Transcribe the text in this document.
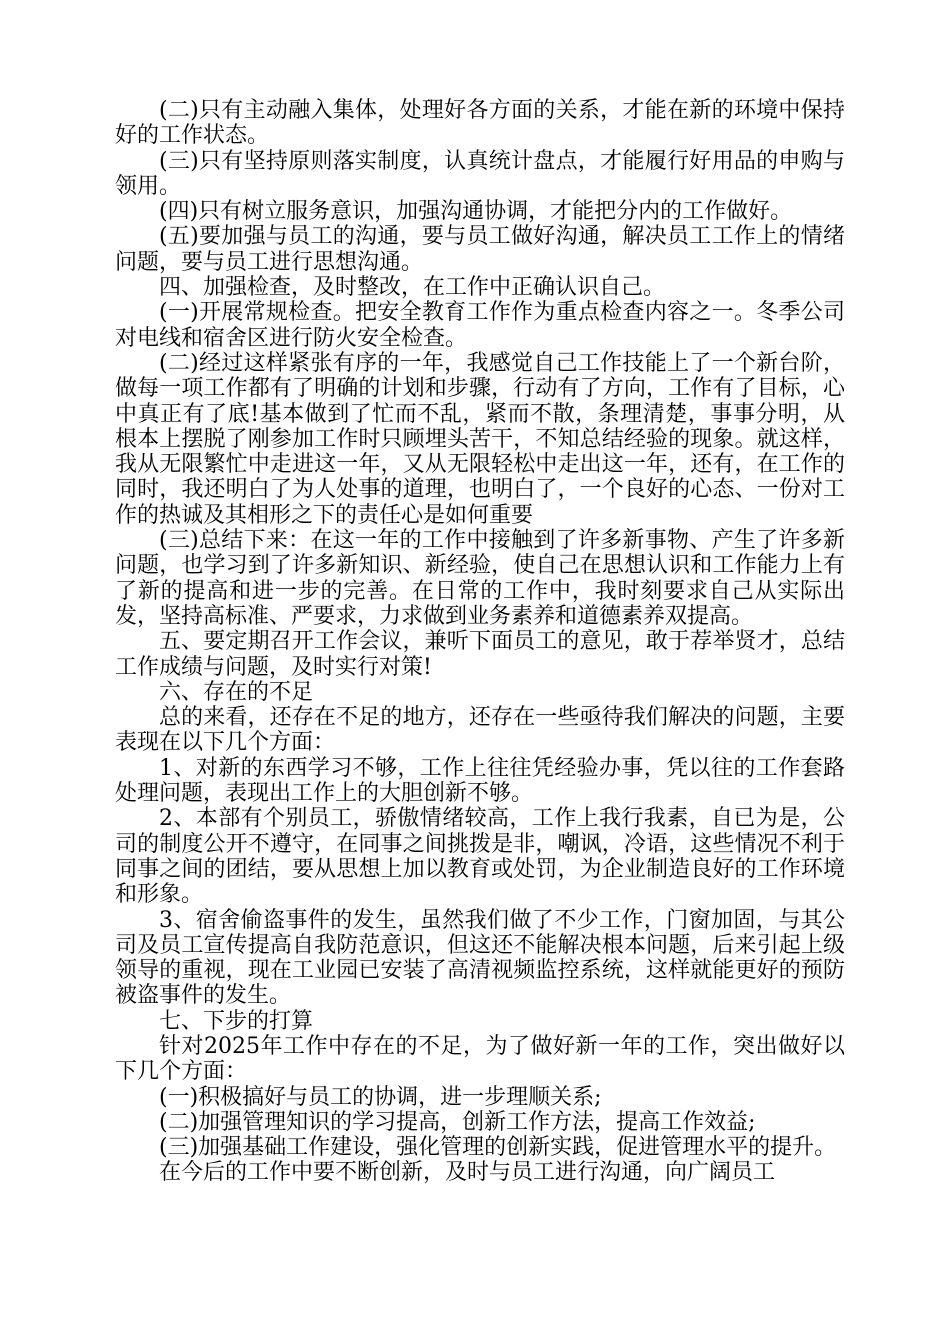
(二)只有主动融入集体，处理好各方面的关系，才能在新的环境中保持好的工作状态。

(三)只有坚持原则落实制度，认真统计盘点，才能履行好用品的申购与领用。

(四)只有树立服务意识，加强沟通协调，才能把分内的工作做好。

(五)要加强与员工的沟通，要与员工做好沟通，解决员工工作上的情绪问题，要与员工进行思想沟通。

四、加强检查，及时整改，在工作中正确认识自己。

(一)开展常规检查。把安全教育工作作为重点检查内容之一。冬季公司对电线和宿舍区进行防火安全检查。

(二)经过这样紧张有序的一年，我感觉自己工作技能上了一个新台阶，做每一项工作都有了明确的计划和步骤，行动有了方向，工作有了目标，心中真正有了底!基本做到了忙而不乱，紧而不散，条理清楚，事事分明，从根本上摆脱了刚参加工作时只顾埋头苦干，不知总结经验的现象。就这样，我从无限繁忙中走进这一年，又从无限轻松中走出这一年，还有，在工作的同时，我还明白了为人处事的道理，也明白了，一个良好的心态、一份对工作的热诚及其相形之下的责任心是如何重要

(三)总结下来：在这一年的工作中接触到了许多新事物、产生了许多新问题，也学习到了许多新知识、新经验，使自己在思想认识和工作能力上有了新的提高和进一步的完善。在日常的工作中，我时刻要求自己从实际出发，坚持高标准、严要求，力求做到业务素养和道德素养双提高。

五、要定期召开工作会议，兼听下面员工的意见，敢于荐举贤才，总结工作成绩与问题，及时实行对策!

六、存在的不足

总的来看，还存在不足的地方，还存在一些亟待我们解决的问题，主要表现在以下几个方面：

1、对新的东西学习不够，工作上往往凭经验办事，凭以往的工作套路处理问题，表现出工作上的大胆创新不够。

2、本部有个别员工，骄傲情绪较高，工作上我行我素，自已为是，公司的制度公开不遵守，在同事之间挑拨是非，嘲讽，冷语，这些情况不利于同事之间的团结，要从思想上加以教育或处罚，为企业制造良好的工作环境和形象。

3、宿舍偷盗事件的发生，虽然我们做了不少工作，门窗加固，与其公司及员工宣传提高自我防范意识，但这还不能解决根本问题，后来引起上级领导的重视，现在工业园已安装了高清视频监控系统，这样就能更好的预防被盗事件的发生。

七、下步的打算

针对2025年工作中存在的不足，为了做好新一年的工作，突出做好以下几个方面：

(一)积极搞好与员工的协调，进一步理顺关系;

(二)加强管理知识的学习提高，创新工作方法，提高工作效益;

(三)加强基础工作建设，强化管理的创新实践，促进管理水平的提升。

在今后的工作中要不断创新，及时与员工进行沟通，向广阔员工
